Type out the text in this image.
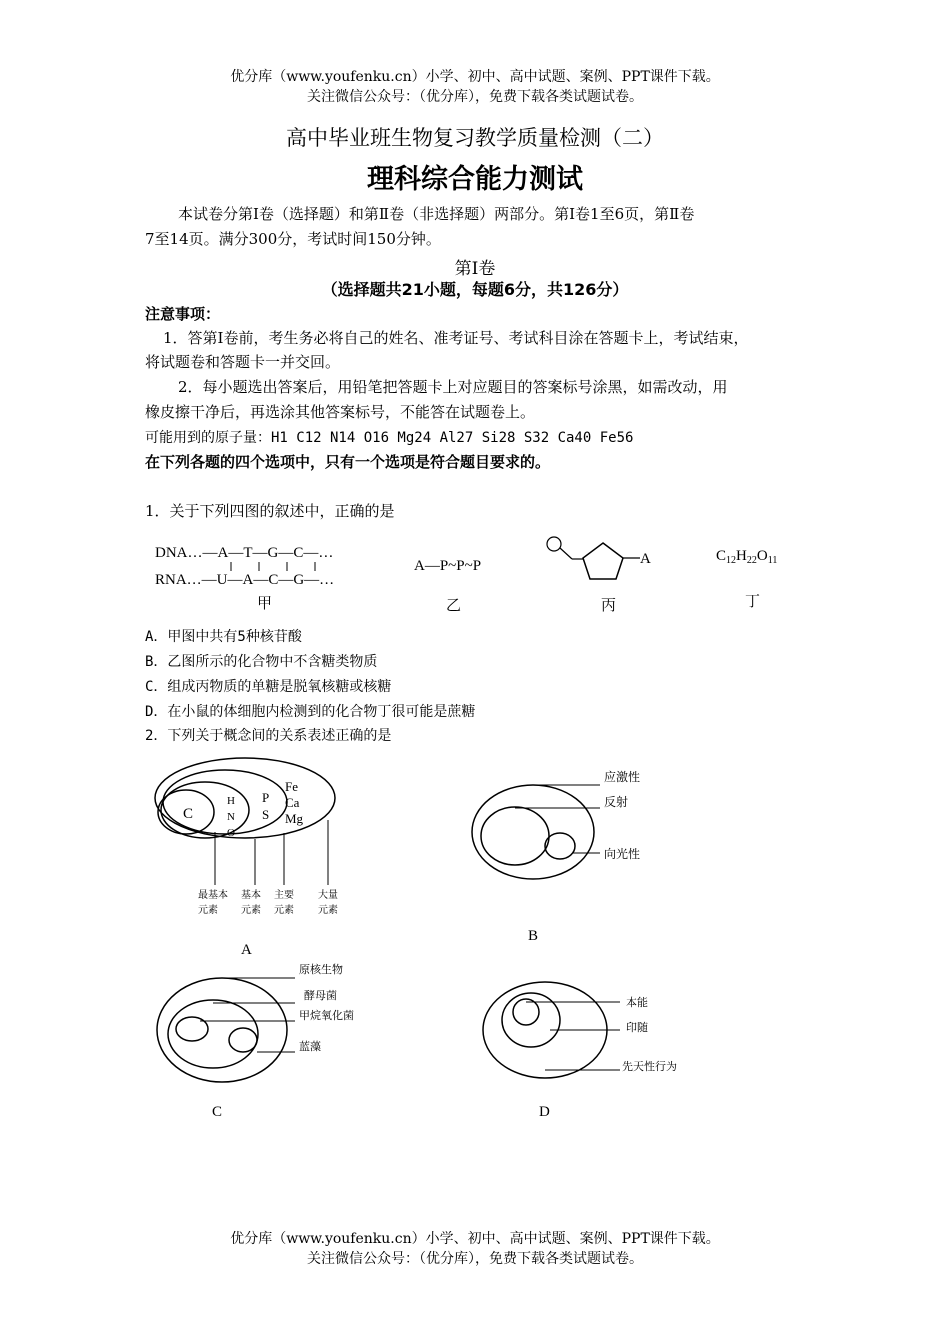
优分库（www.youfenku.cn）小学、初中、高中试题、案例、PPT课件下载。
关注微信公众号：（优分库），免费下载各类试题试卷。
高中毕业班生物复习教学质量检测（二）
理科综合能力测试
本试卷分第Ⅰ卷（选择题）和第Ⅱ卷（非选择题）两部分。第Ⅰ卷1至6页，第Ⅱ卷
7至14页。满分300分，考试时间150分钟。
第Ⅰ卷
（选择题共21小题，每题6分，共126分）
注意事项：
1．答第Ⅰ卷前，考生务必将自己的姓名、准考证号、考试科目涂在答题卡上，考试结束，
将试题卷和答题卡一并交回。
2．每小题选出答案后，用铅笔把答题卡上对应题目的答案标号涂黑，如需改动，用
橡皮擦干净后，再选涂其他答案标号，不能答在试题卷上。
可能用到的原子量：H1 C12 N14 O16 Mg24 Al27 Si28 S32 Ca40 Fe56
在下列各题的四个选项中，只有一个选项是符合题目要求的。
1．关于下列四图的叙述中，正确的是
DNA…—A—T—G—C—…
RNA…—U—A—C—G—…
甲
A—P~P~P
乙
A
丙
$C_{12}H_{22}O_{11}$
丁
A．甲图中共有5种核苷酸
B．乙图所示的化合物中不含糖类物质
C．组成丙物质的单糖是脱氧核糖或核糖
D．在小鼠的体细胞内检测到的化合物丁很可能是蔗糖
2．下列关于概念间的关系表述正确的是
C
H
N
O
P
S
Fe
Ca
Mg
最基本
元素
基本
元素
主要
元素
大量
元素
A
应激性
反射
向光性
B
原核生物
酵母菌
甲烷氧化菌
蓝藻
C
本能
印随
先天性行为
D
优分库（www.youfenku.cn）小学、初中、高中试题、案例、PPT课件下载。
关注微信公众号：（优分库），免费下载各类试题试卷。
